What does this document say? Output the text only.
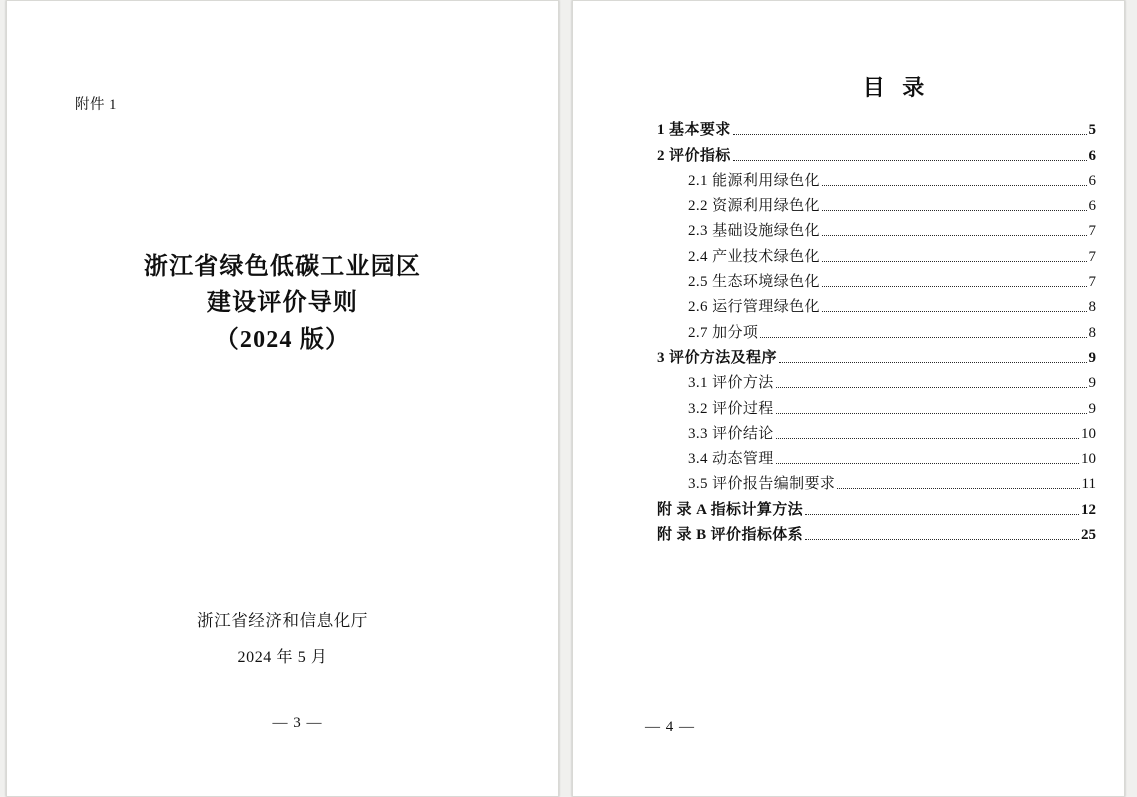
附件 1
浙江省绿色低碳工业园区
建设评价导则
（2024 版）
浙江省经济和信息化厅
2024 年 5 月
— 3 —
目 录
1 基本要求	5
2 评价指标	6
2.1 能源利用绿色化	6
2.2 资源利用绿色化	6
2.3 基础设施绿色化	7
2.4 产业技术绿色化	7
2.5 生态环境绿色化	7
2.6 运行管理绿色化	8
2.7 加分项	8
3 评价方法及程序	9
3.1 评价方法	9
3.2 评价过程	9
3.3 评价结论	10
3.4 动态管理	10
3.5 评价报告编制要求	11
附 录 A 指标计算方法	12
附 录 B 评价指标体系	25
— 4 —
